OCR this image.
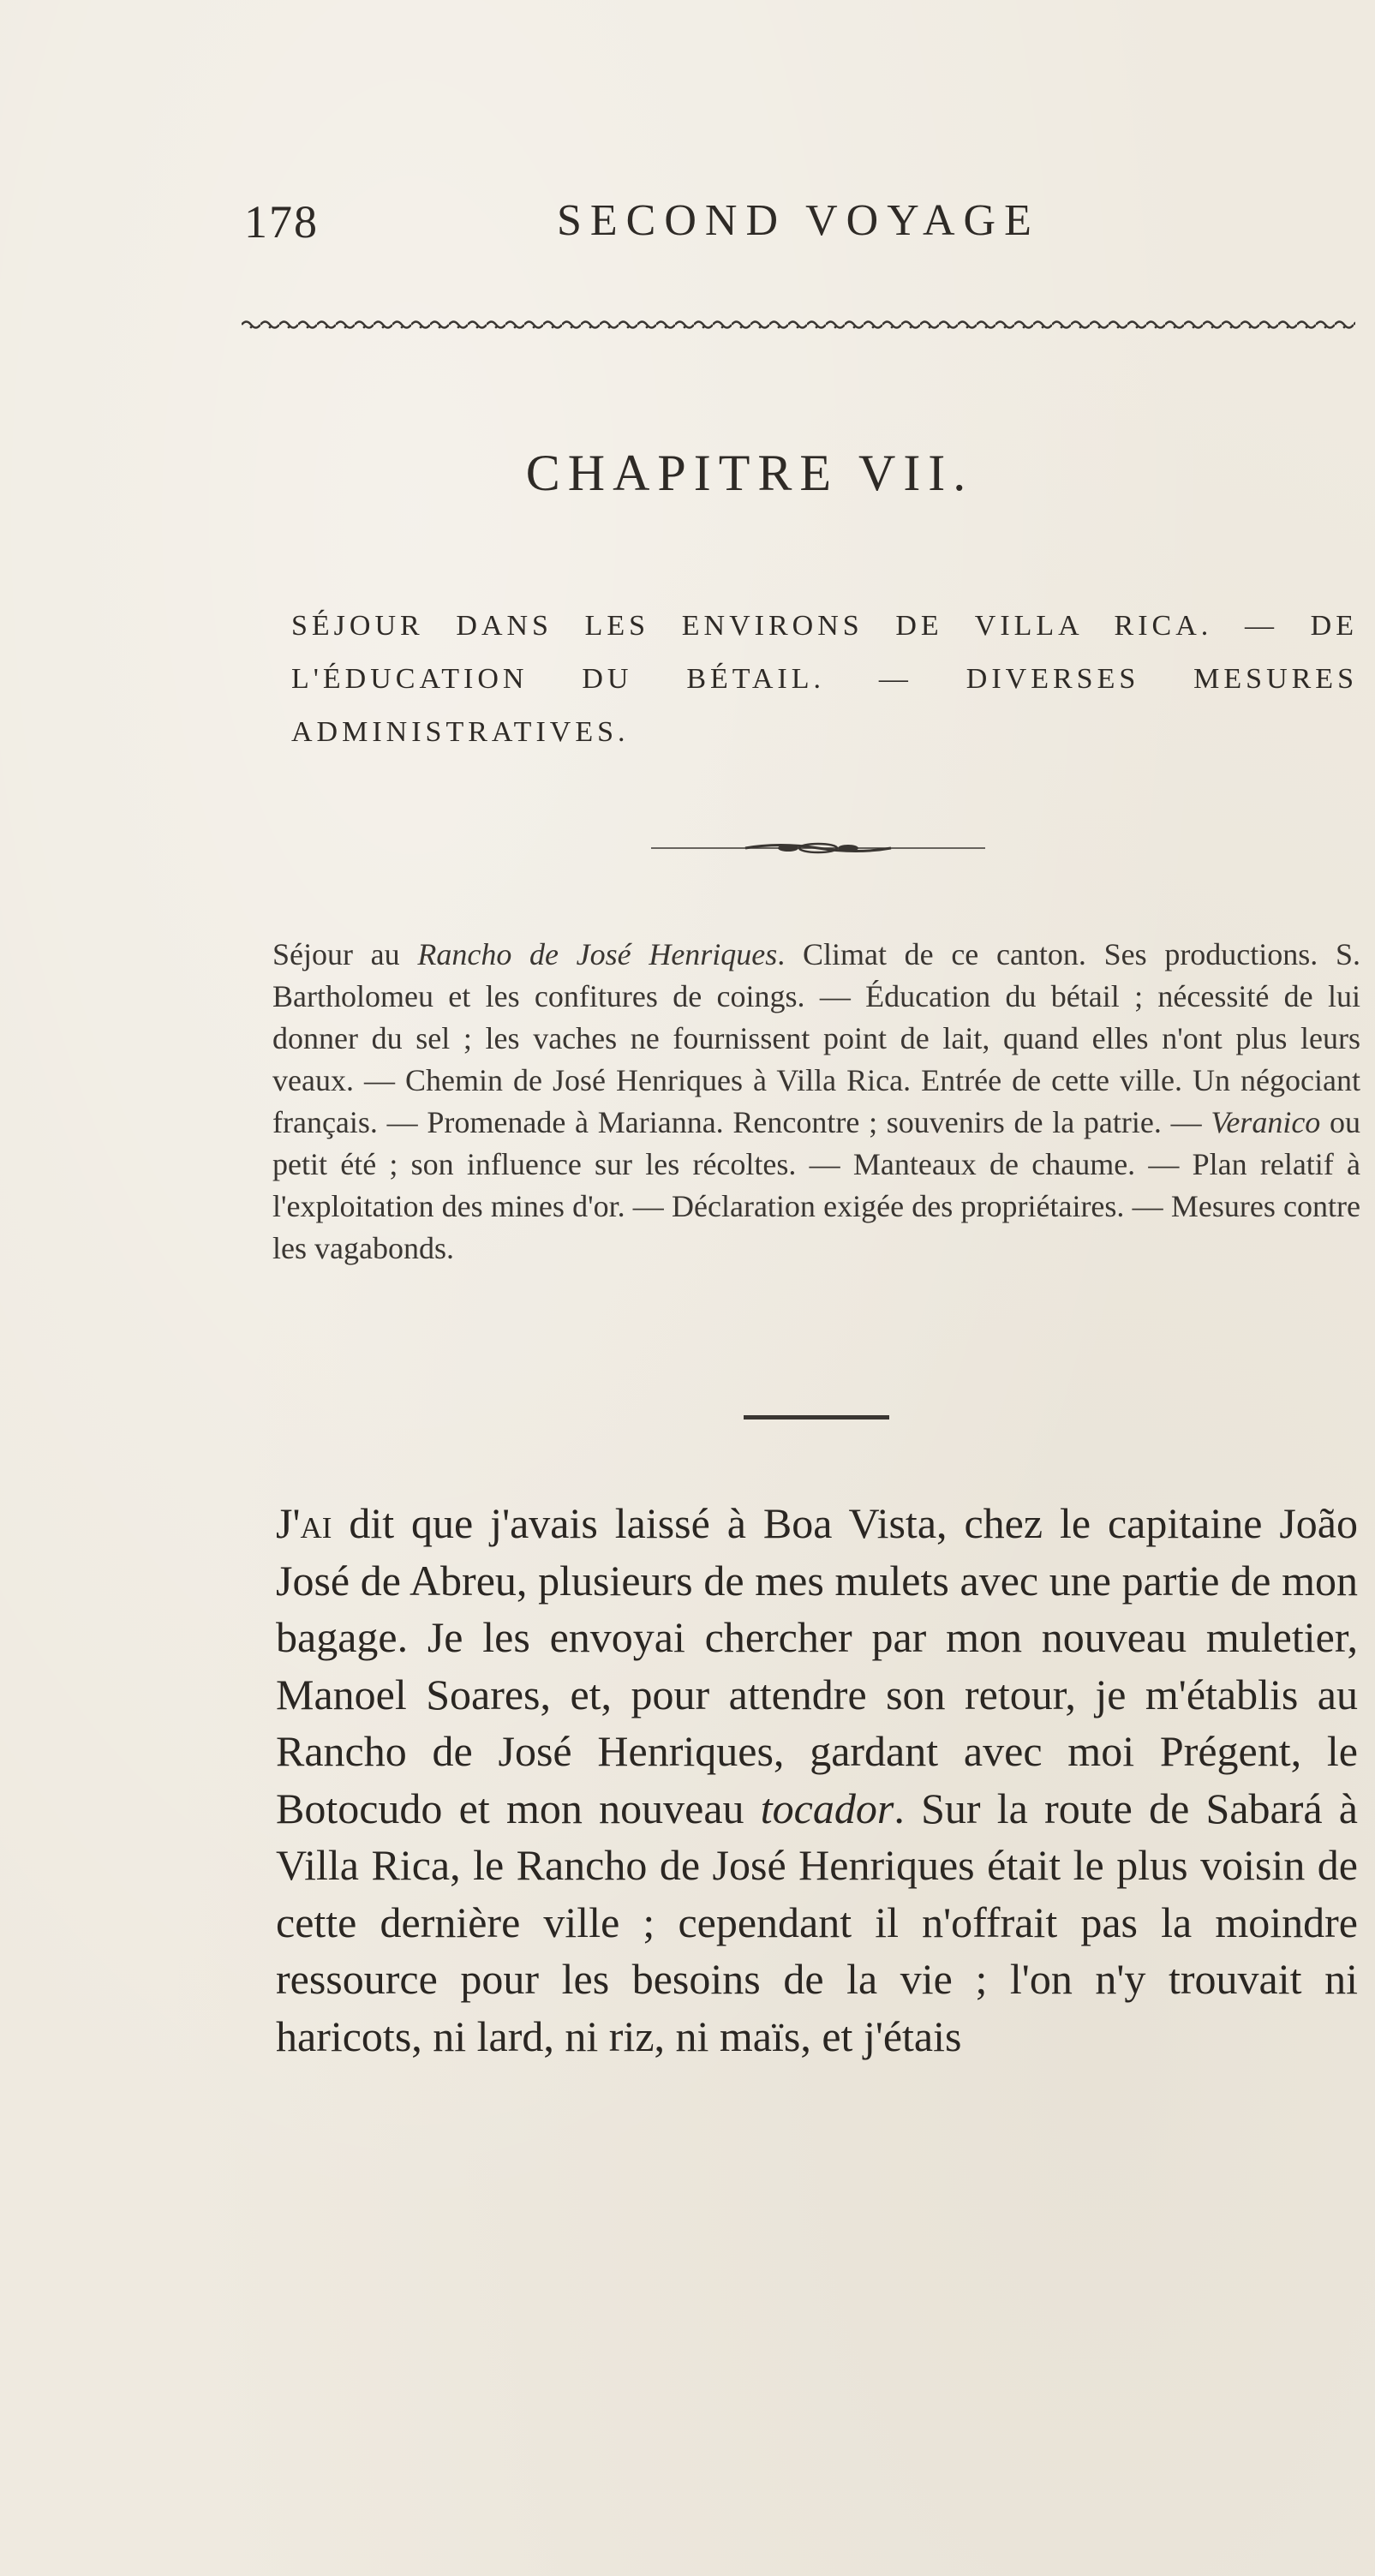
178	SECOND VOYAGE
CHAPITRE VII.
SÉJOUR DANS LES ENVIRONS DE VILLA RICA. — DE L'ÉDUCATION DU BÉTAIL. — DIVERSES MESURES ADMINISTRATIVES.
Séjour au Rancho de José Henriques. Climat de ce canton. Ses productions. S. Bartholomeu et les confitures de coings. — Éducation du bétail ; nécessité de lui donner du sel ; les vaches ne fournissent point de lait, quand elles n'ont plus leurs veaux. — Chemin de José Henriques à Villa Rica. Entrée de cette ville. Un négociant français. — Promenade à Marianna. Rencontre ; souvenirs de la patrie. — Veranico ou petit été ; son influence sur les récoltes. — Manteaux de chaume. — Plan relatif à l'exploitation des mines d'or. — Déclaration exigée des propriétaires. — Mesures contre les vagabonds.
J'ai dit que j'avais laissé à Boa Vista, chez le capitaine João José de Abreu, plusieurs de mes mulets avec une partie de mon bagage. Je les envoyai chercher par mon nouveau muletier, Manoel Soares, et, pour attendre son retour, je m'établis au Rancho de José Henriques, gardant avec moi Prégent, le Botocudo et mon nouveau tocador. Sur la route de Sabará à Villa Rica, le Rancho de José Henriques était le plus voisin de cette dernière ville ; cependant il n'offrait pas la moindre ressource pour les besoins de la vie ; l'on n'y trouvait ni haricots, ni lard, ni riz, ni maïs, et j'étais
